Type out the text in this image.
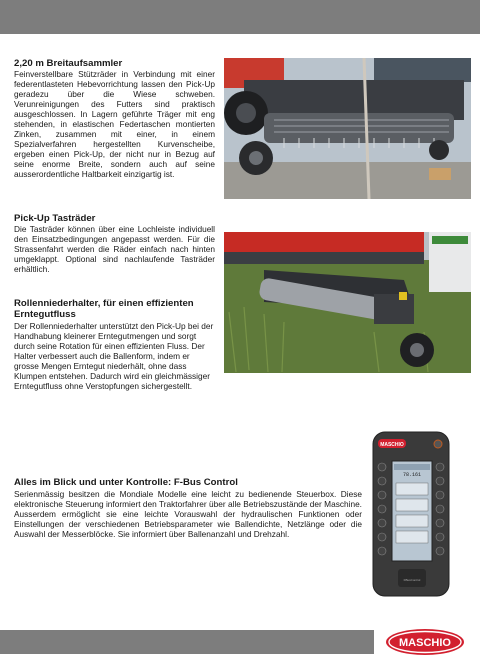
2,20 m Breitaufsammler

Feinverstellbare Stützräder in Verbindung mit einer federentlasteten Hebevorrichtung lassen den Pick-Up geradezu über die Wiese schweben. Verunreinigungen des Futters sind praktisch ausgeschlossen. In Lagern geführte Träger mit eng stehenden, in elastischen Federtaschen montierten Zinken, zusammen mit einer, in einem Spezialverfahren hergestellten Kurvenscheibe, ergeben einen Pick-Up, der nicht nur in Bezug auf seine enorme Breite, sondern auch auf seine ausserordentliche Haltbarkeit einzigartig ist.

Pick-Up Tasträder

Die Tasträder können über eine Lochleiste individuell den Einsatzbedingungen angepasst werden. Für die Strassenfahrt werden die Räder einfach nach hinten umgeklappt. Optional sind nachlaufende Tasträder erhältlich.

Rollenniederhalter, für einen effizienten Erntegutfluss

Der Rollenniederhalter unterstützt den Pick-Up bei der Handhabung kleinerer Erntegutmengen und sorgt durch seine Rotation für einen effizienten Fluss. Der Halter verbessert auch die Ballenform, indem er grosse Mengen Erntegut niederhält, ohne dass Klumpen entstehen. Dadurch wird ein gleichmässiger Erntegutfluss ohne Verstopfungen sichergestellt.

MASCHIO
78.161
FBusControl
Alles im Blick und unter Kontrolle: F-Bus Control

Serienmässig besitzen die Mondiale Modelle eine leicht zu bedienende Steuerbox. Diese elektronische Steuerung informiert den Traktorfahrer über alle Betriebszustände der Maschine. Ausserdem ermöglicht sie eine leichte Vorauswahl der hydraulischen Funktionen oder Einstellungen der verschiedenen Betriebsparameter wie Ballendichte, Netzlänge oder die Auswahl der Messerblöcke. Sie informiert über Ballenanzahl und Drehzahl.

MASCHIO
